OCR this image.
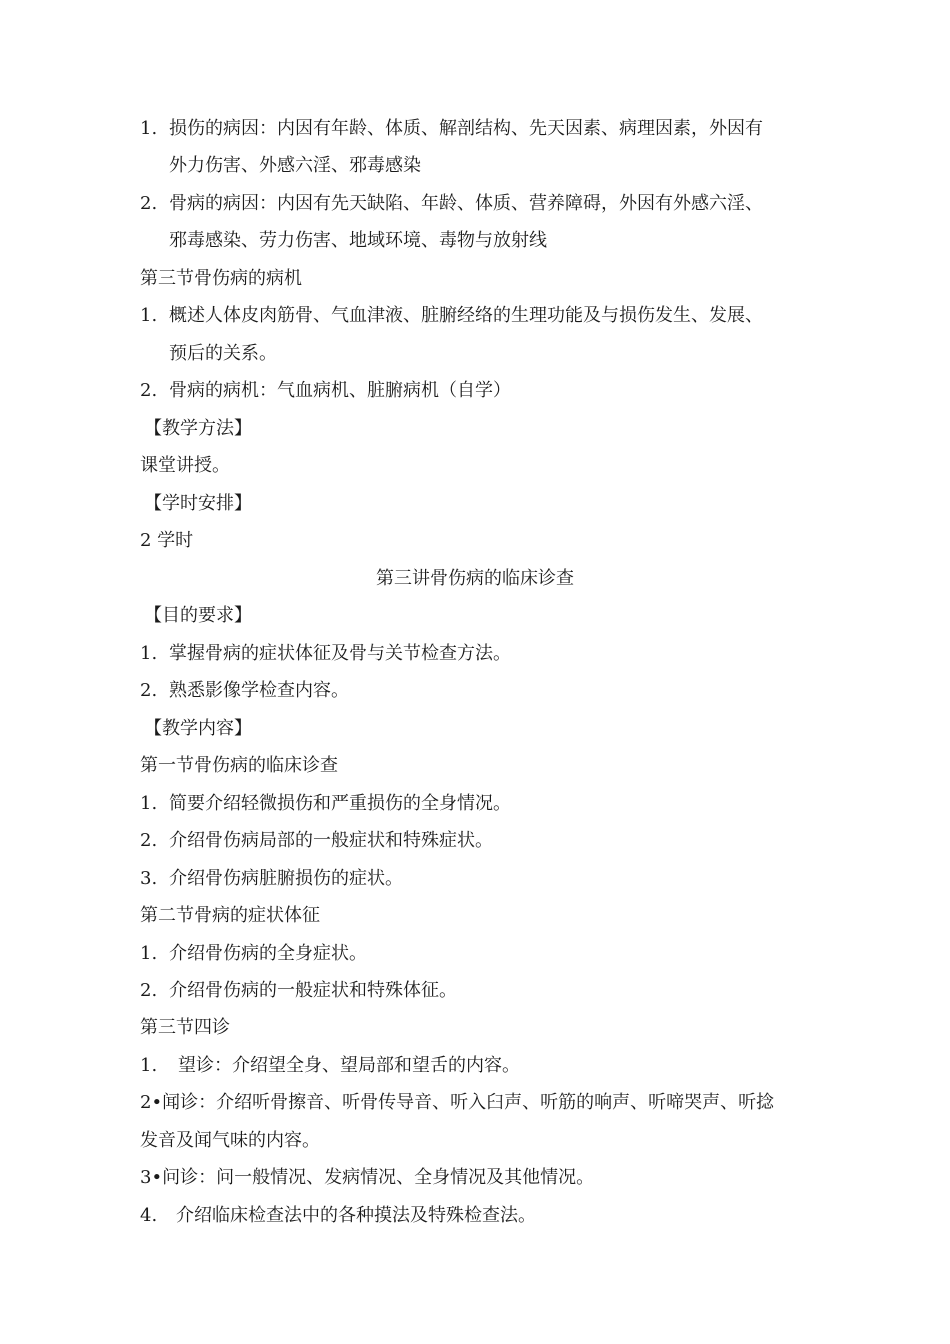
1. 损伤的病因：内因有年龄、体质、解剖结构、先天因素、病理因素，外因有
外力伤害、外感六淫、邪毒感染
2. 骨病的病因：内因有先天缺陷、年龄、体质、营养障碍，外因有外感六淫、
邪毒感染、劳力伤害、地域环境、毒物与放射线
第三节骨伤病的病机
1. 概述人体皮肉筋骨、气血津液、脏腑经络的生理功能及与损伤发生、发展、
预后的关系。
2. 骨病的病机：气血病机、脏腑病机（自学）
【教学方法】
课堂讲授。
【学时安排】
2 学时
第三讲骨伤病的临床诊查
【目的要求】
1. 掌握骨病的症状体征及骨与关节检查方法。
2. 熟悉影像学检查内容。
【教学内容】
第一节骨伤病的临床诊查
1. 简要介绍轻微损伤和严重损伤的全身情况。
2. 介绍骨伤病局部的一般症状和特殊症状。
3. 介绍骨伤病脏腑损伤的症状。
第二节骨病的症状体征
1. 介绍骨伤病的全身症状。
2. 介绍骨伤病的一般症状和特殊体征。
第三节四诊
1. 望诊：介绍望全身、望局部和望舌的内容。
2•闻诊：介绍听骨擦音、听骨传导音、听入臼声、听筋的响声、听啼哭声、听捻
发音及闻气味的内容。
3•问诊：问一般情况、发病情况、全身情况及其他情况。
4. 介绍临床检查法中的各种摸法及特殊检查法。
